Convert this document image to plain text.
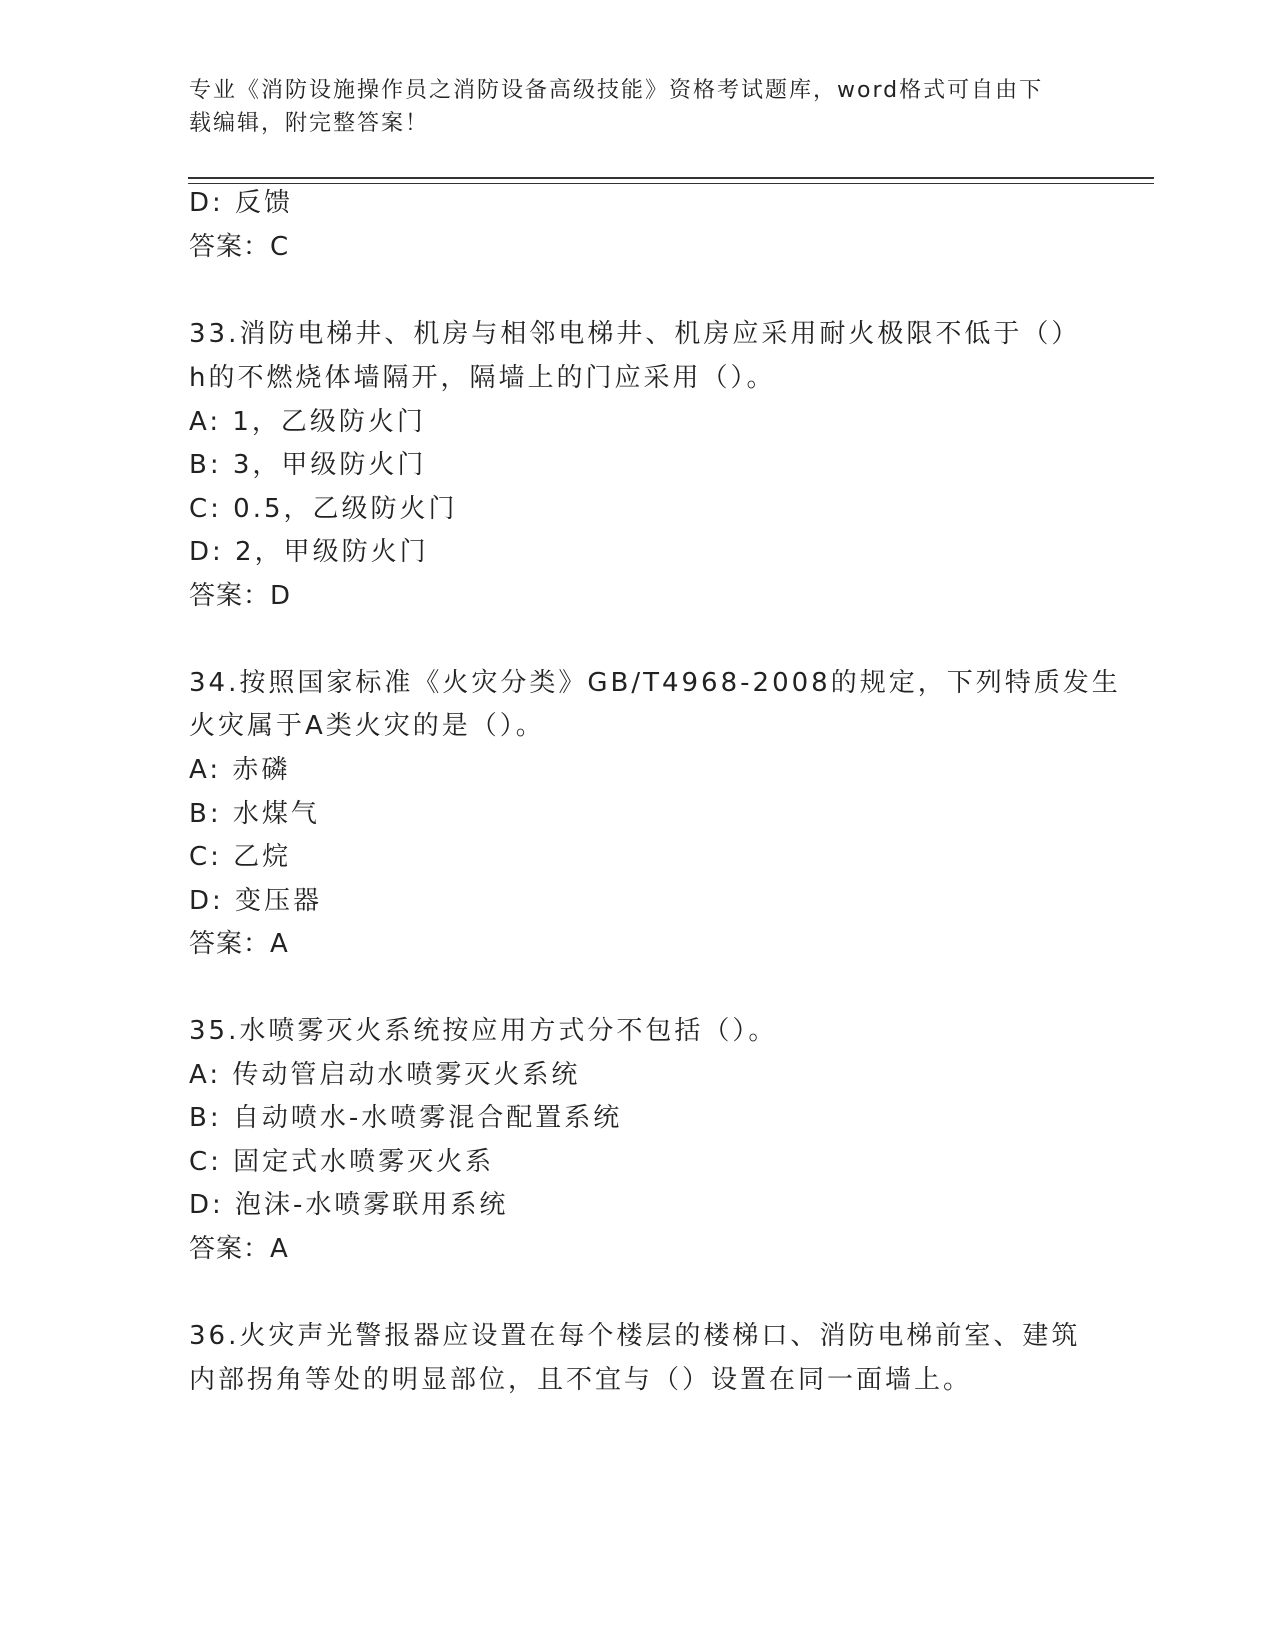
专业《消防设施操作员之消防设备高级技能》资格考试题库，word格式可自由下
载编辑，附完整答案！
D: 反馈
答案：C
33.消防电梯井、机房与相邻电梯井、机房应采用耐火极限不低于（）
h的不燃烧体墙隔开，隔墙上的门应采用（）。
A: 1，乙级防火门
B: 3，甲级防火门
C: 0.5，乙级防火门
D: 2，甲级防火门
答案：D
34.按照国家标准《火灾分类》GB/T4968-2008的规定，下列特质发生
火灾属于A类火灾的是（）。
A: 赤磷
B: 水煤气
C: 乙烷
D: 变压器
答案：A
35.水喷雾灭火系统按应用方式分不包括（）。
A: 传动管启动水喷雾灭火系统
B: 自动喷水-水喷雾混合配置系统
C: 固定式水喷雾灭火系
D: 泡沫-水喷雾联用系统
答案：A
36.火灾声光警报器应设置在每个楼层的楼梯口、消防电梯前室、建筑
内部拐角等处的明显部位，且不宜与（）设置在同一面墙上。
